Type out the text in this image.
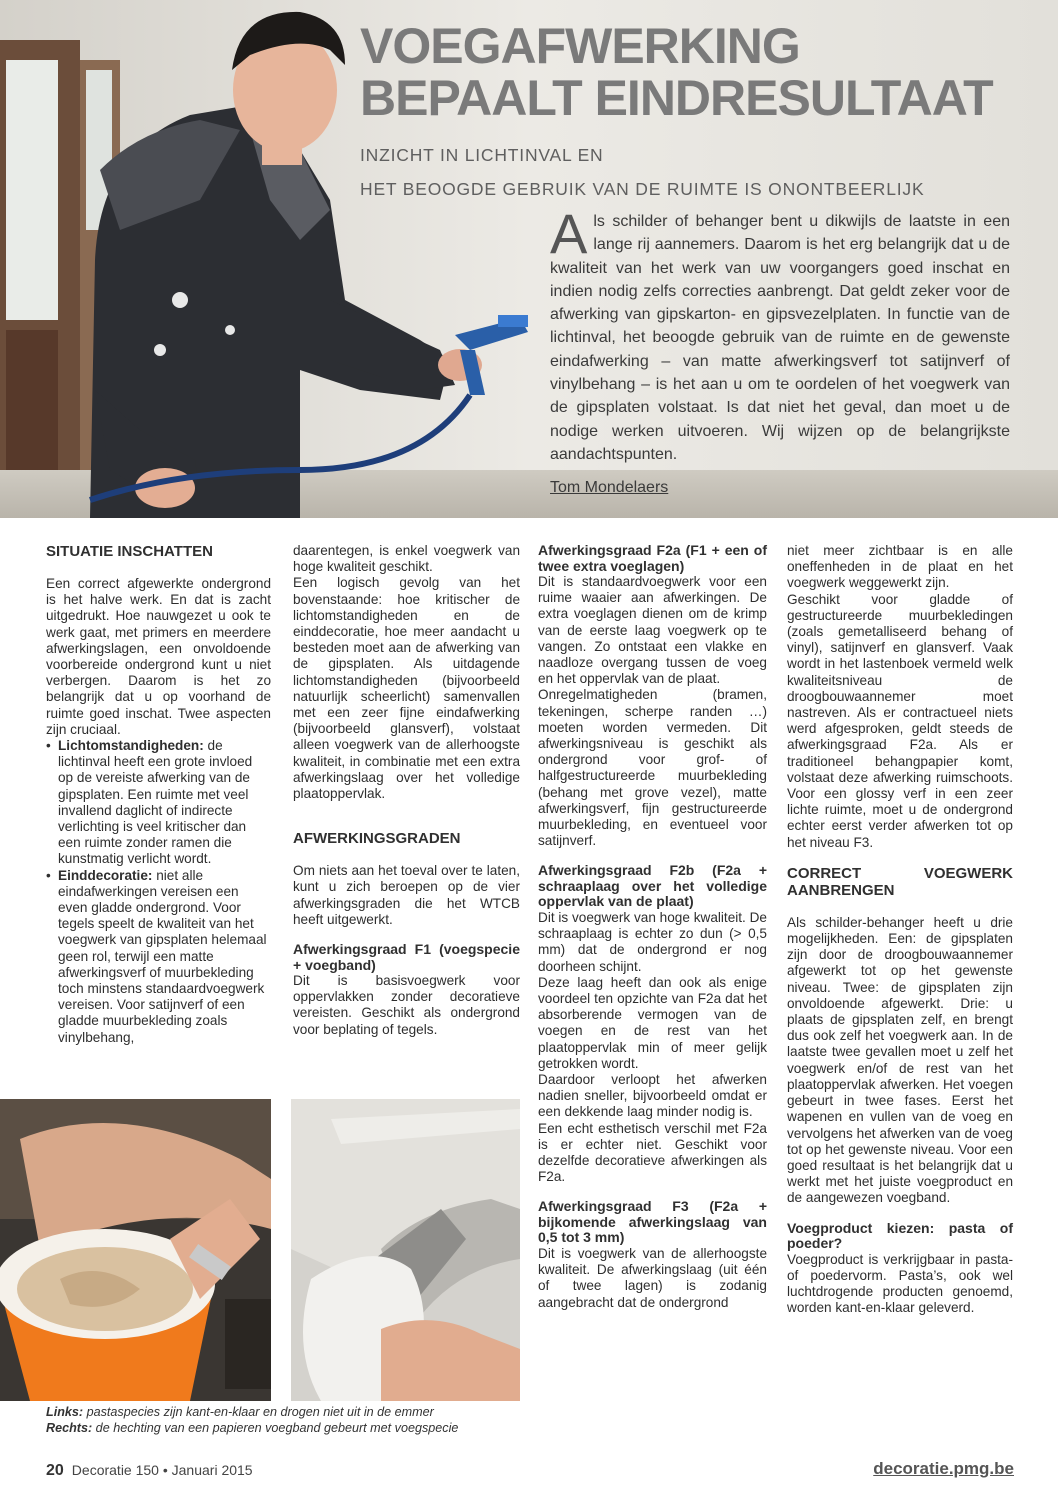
VOEGAFWERKING
BEPAALT EINDRESULTAAT
INZICHT IN LICHTINVAL EN
HET BEOOGDE GEBRUIK VAN DE RUIMTE IS ONONTBEERLIJK
Als schilder of behanger bent u dikwijls de laatste in een lange rij aannemers. Daarom is het erg belangrijk dat u de kwaliteit van het werk van uw voorgangers goed inschat en indien nodig zelfs correcties aanbrengt. Dat geldt zeker voor de afwerking van gipskarton- en gipsvezelplaten. In functie van de lichtinval, het beoogde gebruik van de ruimte en de gewenste eindafwerking – van matte afwerkingsverf tot satijnverf of vinylbehang – is het aan u om te oordelen of het voegwerk van de gipsplaten volstaat. Is dat niet het geval, dan moet u de nodige werken uitvoeren. Wij wijzen op de belangrijkste aandachtspunten.
Tom Mondelaers
SITUATIE INSCHATTEN

Een correct afgewerkte ondergrond is het halve werk. En dat is zacht uitgedrukt. Hoe nauwgezet u ook te werk gaat, met primers en meerdere afwerkingslagen, een onvoldoende voorbereide ondergrond kunt u niet verbergen. Daarom is het zo belangrijk dat u op voorhand de ruimte goed inschat. Twee aspecten zijn cruciaal.

• Lichtomstandigheden: de lichtinval heeft een grote invloed op de vereiste afwerking van de gipsplaten. Een ruimte met veel invallend daglicht of indirecte verlichting is veel kritischer dan een ruimte zonder ramen die kunstmatig verlicht wordt.
• Einddecoratie: niet alle eindafwerkingen vereisen een even gladde ondergrond. Voor tegels speelt de kwaliteit van het voegwerk van gipsplaten helemaal geen rol, terwijl een matte afwerkingsverf of muurbekleding toch minstens standaardvoegwerk vereisen. Voor satijnverf of een gladde muurbekleding zoals vinylbehang,

daarentegen, is enkel voegwerk van hoge kwaliteit geschikt.

Een logisch gevolg van het bovenstaande: hoe kritischer de lichtomstandigheden en de einddecoratie, hoe meer aandacht u besteden moet aan de afwerking van de gipsplaten. Als uitdagende lichtomstandigheden (bijvoorbeeld natuurlijk scheerlicht) samenvallen met een zeer fijne eindafwerking (bijvoorbeeld glansverf), volstaat alleen voegwerk van de allerhoogste kwaliteit, in combinatie met een extra afwerkingslaag over het volledige plaatoppervlak.

AFWERKINGSGRADEN

Om niets aan het toeval over te laten, kunt u zich beroepen op de vier afwerkingsgraden die het WTCB heeft uitgewerkt.

Afwerkingsgraad F1 (voegspecie + voegband)

Dit is basisvoegwerk voor oppervlakken zonder decoratieve vereisten. Geschikt als ondergrond voor beplating of tegels.

Afwerkingsgraad F2a (F1 + een of twee extra voeglagen)

Dit is standaardvoegwerk voor een ruime waaier aan afwerkingen. De extra voeglagen dienen om de krimp van de eerste laag voegwerk op te vangen. Zo ontstaat een vlakke en naadloze overgang tussen de voeg en het oppervlak van de plaat.

Onregelmatigheden (bramen, tekeningen, scherpe randen …) moeten worden vermeden. Dit afwerkingsniveau is geschikt als ondergrond voor grof- of halfgestructureerde muurbekleding (behang met grove vezel), matte afwerkingsverf, fijn gestructureerde muurbekleding, en eventueel voor satijnverf.

Afwerkingsgraad F2b (F2a + schraaplaag over het volledige oppervlak van de plaat)

Dit is voegwerk van hoge kwaliteit. De schraaplaag is echter zo dun (> 0,5 mm) dat de ondergrond er nog doorheen schijnt.

Deze laag heeft dan ook als enige voordeel ten opzichte van F2a dat het absorberende vermogen van de voegen en de rest van het plaatoppervlak min of meer gelijk getrokken wordt.

Daardoor verloopt het afwerken nadien sneller, bijvoorbeeld omdat er een dekkende laag minder nodig is.

Een echt esthetisch verschil met F2a is er echter niet. Geschikt voor dezelfde decoratieve afwerkingen als F2a.

Afwerkingsgraad F3 (F2a + bijkomende afwerkingslaag van 0,5 tot 3 mm)

Dit is voegwerk van de allerhoogste kwaliteit. De afwerkingslaag (uit één of twee lagen) is zodanig aangebracht dat de ondergrond

niet meer zichtbaar is en alle oneffenheden in de plaat en het voegwerk weggewerkt zijn.

Geschikt voor gladde of gestructureerde muurbekledingen (zoals gemetalliseerd behang of vinyl), satijnverf en glansverf. Vaak wordt in het lastenboek vermeld welk kwaliteitsniveau de droogbouwaannemer moet nastreven. Als er contractueel niets werd afgesproken, geldt steeds de afwerkingsgraad F2a. Als er traditioneel behangpapier komt, volstaat deze afwerking ruimschoots. Voor een glossy verf in een zeer lichte ruimte, moet u de ondergrond echter eerst verder afwerken tot op het niveau F3.

CORRECT VOEGWERK AANBRENGEN

Als schilder-behanger heeft u drie mogelijkheden. Een: de gipsplaten zijn door de droogbouwaannemer afgewerkt tot op het gewenste niveau. Twee: de gipsplaten zijn onvoldoende afgewerkt. Drie: u plaats de gipsplaten zelf, en brengt dus ook zelf het voegwerk aan. In de laatste twee gevallen moet u zelf het voegwerk en/of de rest van het plaatoppervlak afwerken. Het voegen gebeurt in twee fases. Eerst het wapenen en vullen van de voeg en vervolgens het afwerken van de voeg tot op het gewenste niveau. Voor een goed resultaat is het belangrijk dat u werkt met het juiste voegproduct en de aangewezen voegband.

Voegproduct kiezen: pasta of poeder?

Voegproduct is verkrijgbaar in pasta- of poedervorm. Pasta’s, ook wel luchtdrogende producten genoemd, worden kant-en-klaar geleverd.

Links: pastaspecies zijn kant-en-klaar en drogen niet uit in de emmer
Rechts: de hechting van een papieren voegband gebeurt met voegspecie
20 Decoratie 150 • Januari 2015	decoratie.pmg.be
